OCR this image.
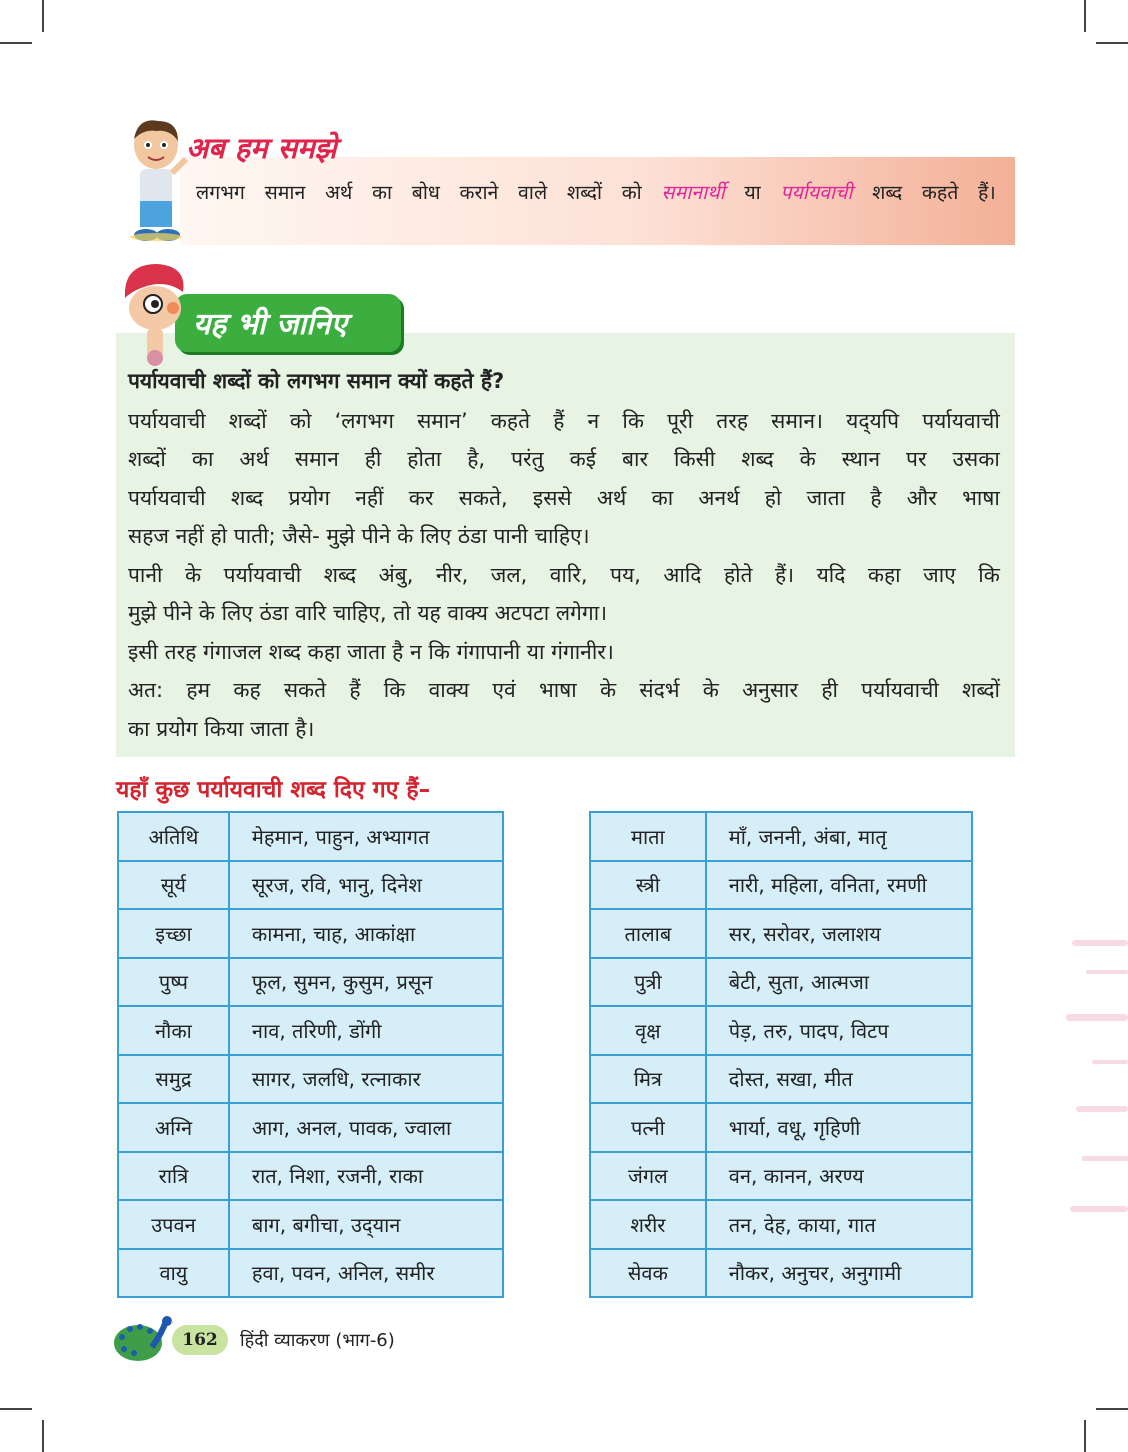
अब हम समझे
लगभग समान अर्थ का बोध कराने वाले शब्दों को समानार्थी या पर्यायवाची शब्द कहते हैं।
यह भी जानिए
पर्यायवाची शब्दों को लगभग समान क्यों कहते हैं?
पर्यायवाची शब्दों को ‘लगभग समान’ कहते हैं न कि पूरी तरह समान। यद्‌यपि पर्यायवाची
शब्दों का अर्थ समान ही होता है, परंतु कई बार किसी शब्द के स्थान पर उसका
पर्यायवाची शब्द प्रयोग नहीं कर सकते, इससे अर्थ का अनर्थ हो जाता है और भाषा
सहज नहीं हो पाती; जैसे- मुझे पीने के लिए ठंडा पानी चाहिए।
पानी के पर्यायवाची शब्द अंबु, नीर, जल, वारि, पय, आदि होते हैं। यदि कहा जाए कि
मुझे पीने के लिए ठंडा वारि चाहिए, तो यह वाक्य अटपटा लगेगा।
इसी तरह गंगाजल शब्द कहा जाता है न कि गंगापानी या गंगानीर।
अत: हम कह सकते हैं कि वाक्य एवं भाषा के संदर्भ के अनुसार ही पर्यायवाची शब्दों
का प्रयोग किया जाता है।
यहाँ कुछ पर्यायवाची शब्द दिए गए हैं–
अतिथि	मेहमान, पाहुन, अभ्यागत
सूर्य	सूरज, रवि, भानु, दिनेश
इच्छा	कामना, चाह, आकांक्षा
पुष्प	फूल, सुमन, कुसुम, प्रसून
नौका	नाव, तरिणी, डोंगी
समुद्र	सागर, जलधि, रत्नाकार
अग्नि	आग, अनल, पावक, ज्वाला
रात्रि	रात, निशा, रजनी, राका
उपवन	बाग, बगीचा, उद्‌यान
वायु	हवा, पवन, अनिल, समीर
माता	माँ, जननी, अंबा, मातृ
स्त्री	नारी, महिला, वनिता, रमणी
तालाब	सर, सरोवर, जलाशय
पुत्री	बेटी, सुता, आत्मजा
वृक्ष	पेड़, तरु, पादप, विटप
मित्र	दोस्त, सखा, मीत
पत्नी	भार्या, वधू, गृहिणी
जंगल	वन, कानन, अरण्य
शरीर	तन, देह, काया, गात
सेवक	नौकर, अनुचर, अनुगामी
162	हिंदी व्याकरण (भाग-6)
